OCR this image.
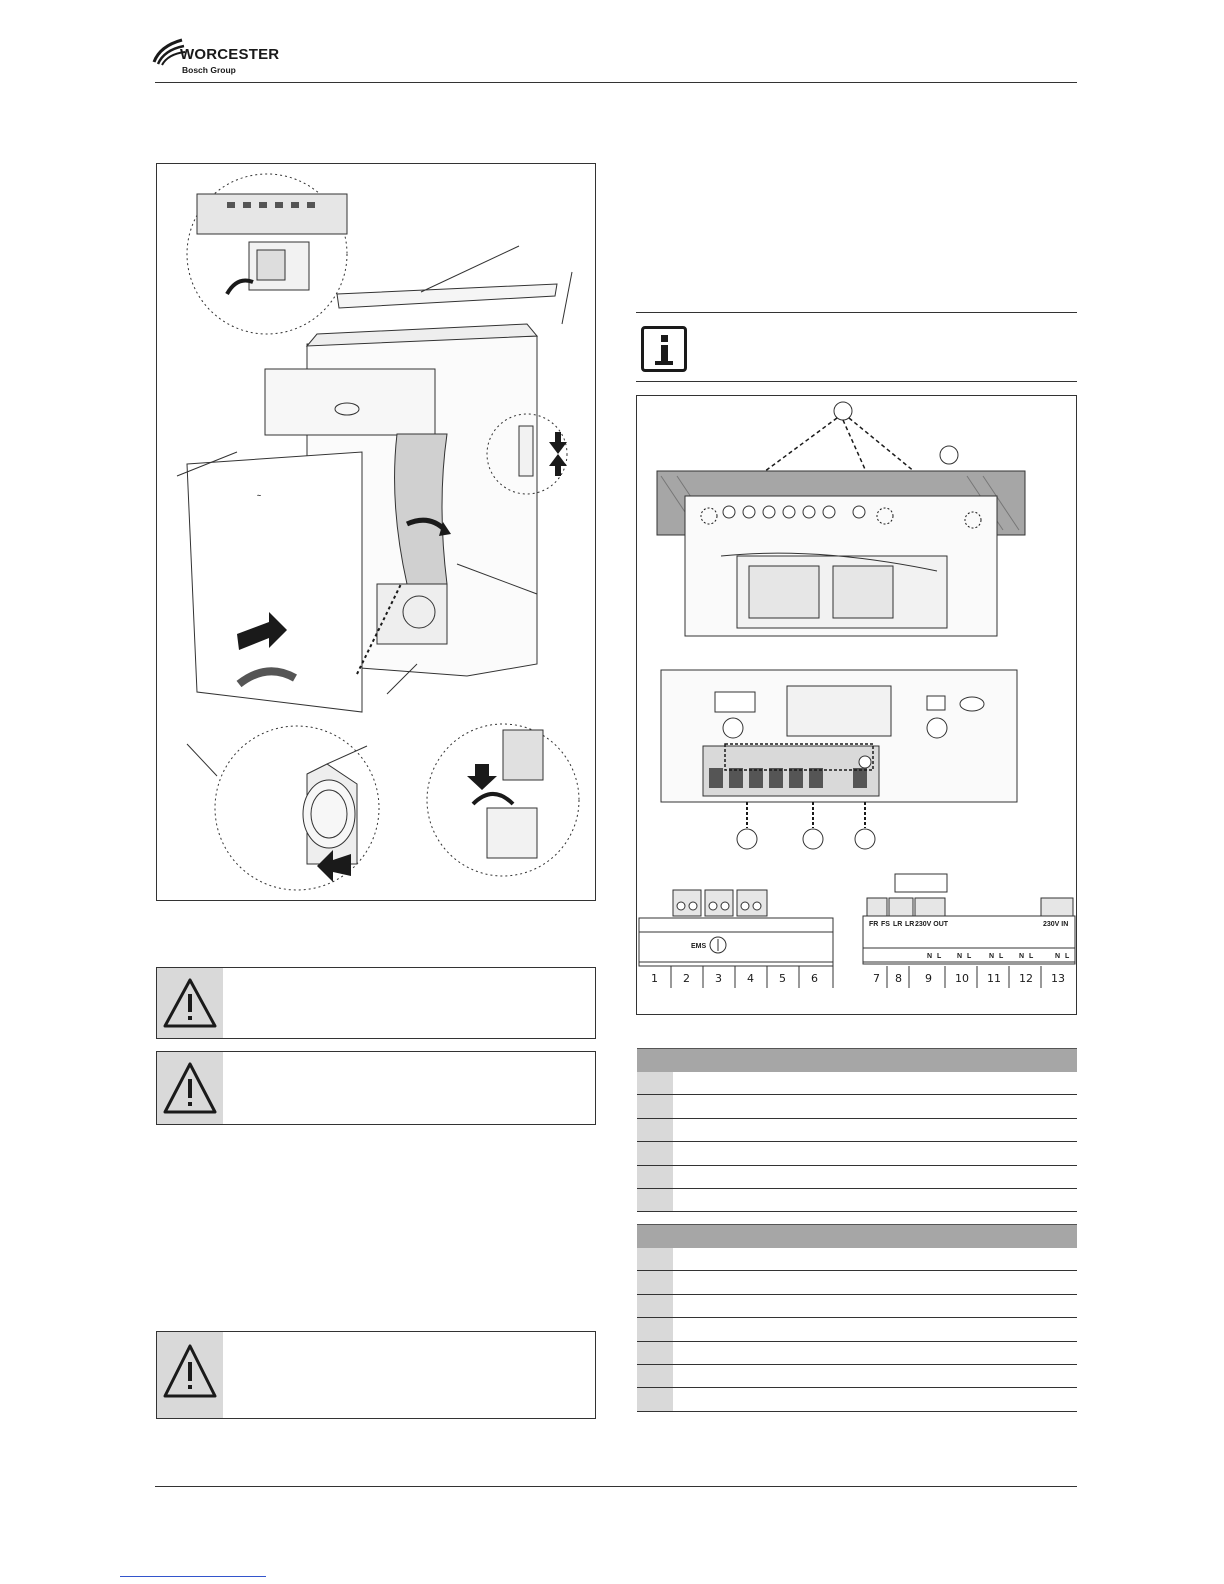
WORCESTER
Bosch Group
~
EMS
FR FS LR LR 230V OUT
N L N L	N L N L
230V IN
N L
1 2 3 4 5 6	7 8 9 10 11 12 13
